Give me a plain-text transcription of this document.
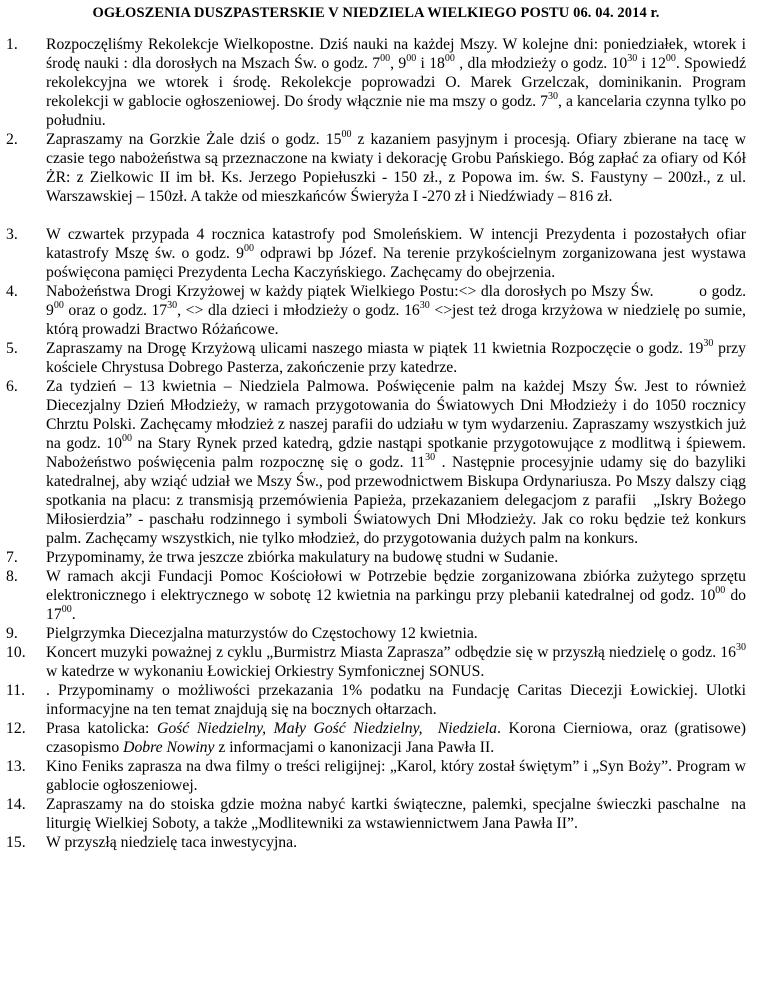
OGŁOSZENIA DUSZPASTERSKIE V NIEDZIELA WIELKIEGO POSTU 06. 04. 2014 r.
1.	Rozpoczęliśmy Rekolekcje Wielkopostne. Dziś nauki na każdej Mszy. W kolejne dni: poniedziałek, wtorek i środę nauki : dla dorosłych na Mszach Św. o godz. $7^{00}$, $9^{00}$ i $18^{00}$ , dla młodzieży o godz. $10^{30}$ i $12^{00}$. Spowiedź rekolekcyjna we wtorek i środę. Rekolekcje poprowadzi O. Marek Grzelczak, dominikanin. Program rekolekcji w gablocie ogłoszeniowej. Do środy włącznie nie ma mszy o godz. $7^{30}$, a kancelaria czynna tylko po południu.
2.	Zapraszamy na Gorzkie Żale dziś o godz. $15^{00}$ z kazaniem pasyjnym i procesją. Ofiary zbierane na tacę w czasie tego nabożeństwa są przeznaczone na kwiaty i dekorację Grobu Pańskiego. Bóg zapłać za ofiary od Kół ŻR: z Zielkowic II im bł. Ks. Jerzego Popiełuszki - 150 zł., z Popowa im. św. S. Faustyny – 200zł., z ul. Warszawskiej – 150zł. A także od mieszkańców Świeryża I -270 zł i Niedźwiady – 816 zł.
3.	W czwartek przypada 4 rocznica katastrofy pod Smoleńskiem. W intencji Prezydenta i pozostałych ofiar katastrofy Mszę św. o godz. $9^{00}$ odprawi bp Józef. Na terenie przykościelnym zorganizowana jest wystawa poświęcona pamięci Prezydenta Lecha Kaczyńskiego. Zachęcamy do obejrzenia.
4.	Nabożeństwa Drogi Krzyżowej w każdy piątek Wielkiego Postu:<> dla dorosłych po Mszy Św.          o godz. $9^{00}$ oraz o godz. $17^{30}$, <> dla dzieci i młodzieży o godz. $16^{30}$ <>jest też droga krzyżowa w niedzielę po sumie, którą prowadzi Bractwo Różańcowe.
5.	Zapraszamy na Drogę Krzyżową ulicami naszego miasta w piątek 11 kwietnia Rozpoczęcie o godz. $19^{30}$ przy kościele Chrystusa Dobrego Pasterza, zakończenie przy katedrze.
6.	Za tydzień – 13 kwietnia – Niedziela Palmowa. Poświęcenie palm na każdej Mszy Św. Jest to również Diecezjalny Dzień Młodzieży, w ramach przygotowania do Światowych Dni Młodzieży i do 1050 rocznicy Chrztu Polski. Zachęcamy młodzież z naszej parafii do udziału w tym wydarzeniu. Zapraszamy wszystkich już na godz. $10^{00}$ na Stary Rynek przed katedrą, gdzie nastąpi spotkanie przygotowujące z modlitwą i śpiewem. Nabożeństwo poświęcenia palm rozpocznę się o godz. $11^{30}$ . Następnie procesyjnie udamy się do bazyliki katedralnej, aby wziąć udział we Mszy Św., pod przewodnictwem Biskupa Ordynariusza. Po Mszy dalszy ciąg spotkania na placu: z transmisją przemówienia Papieża, przekazaniem delegacjom z parafii   „Iskry Bożego Miłosierdzia” - paschału rodzinnego i symboli Światowych Dni Młodzieży. Jak co roku będzie też konkurs palm. Zachęcamy wszystkich, nie tylko młodzież, do przygotowania dużych palm na konkurs.
7.	Przypominamy, że trwa jeszcze zbiórka makulatury na budowę studni w Sudanie.
8.	W ramach akcji Fundacji Pomoc Kościołowi w Potrzebie będzie zorganizowana zbiórka zużytego sprzętu elektronicznego i elektrycznego w sobotę 12 kwietnia na parkingu przy plebanii katedralnej od godz. $10^{00}$ do $17^{00}$.
9.	Pielgrzymka Diecezjalna maturzystów do Częstochowy 12 kwietnia.
10.	Koncert muzyki poważnej z cyklu „Burmistrz Miasta Zaprasza” odbędzie się w przyszłą niedzielę o godz. $16^{30}$ w katedrze w wykonaniu Łowickiej Orkiestry Symfonicznej SONUS.
11.	. Przypominamy o możliwości przekazania 1% podatku na Fundację Caritas Diecezji Łowickiej. Ulotki informacyjne na ten temat znajdują się na bocznych ołtarzach.
12.	Prasa katolicka: Gość Niedzielny, Mały Gość Niedzielny,  Niedziela. Korona Cierniowa, oraz (gratisowe) czasopismo Dobre Nowiny z informacjami o kanonizacji Jana Pawła II.
13.	Kino Feniks zaprasza na dwa filmy o treści religijnej: „Karol, który został świętym” i „Syn Boży”. Program w gablocie ogłoszeniowej.
14.	Zapraszamy na do stoiska gdzie można nabyć kartki świąteczne, palemki, specjalne świeczki paschalne  na liturgię Wielkiej Soboty, a także „Modlitewniki za wstawiennictwem Jana Pawła II”.
15.	W przyszłą niedzielę taca inwestycyjna.
